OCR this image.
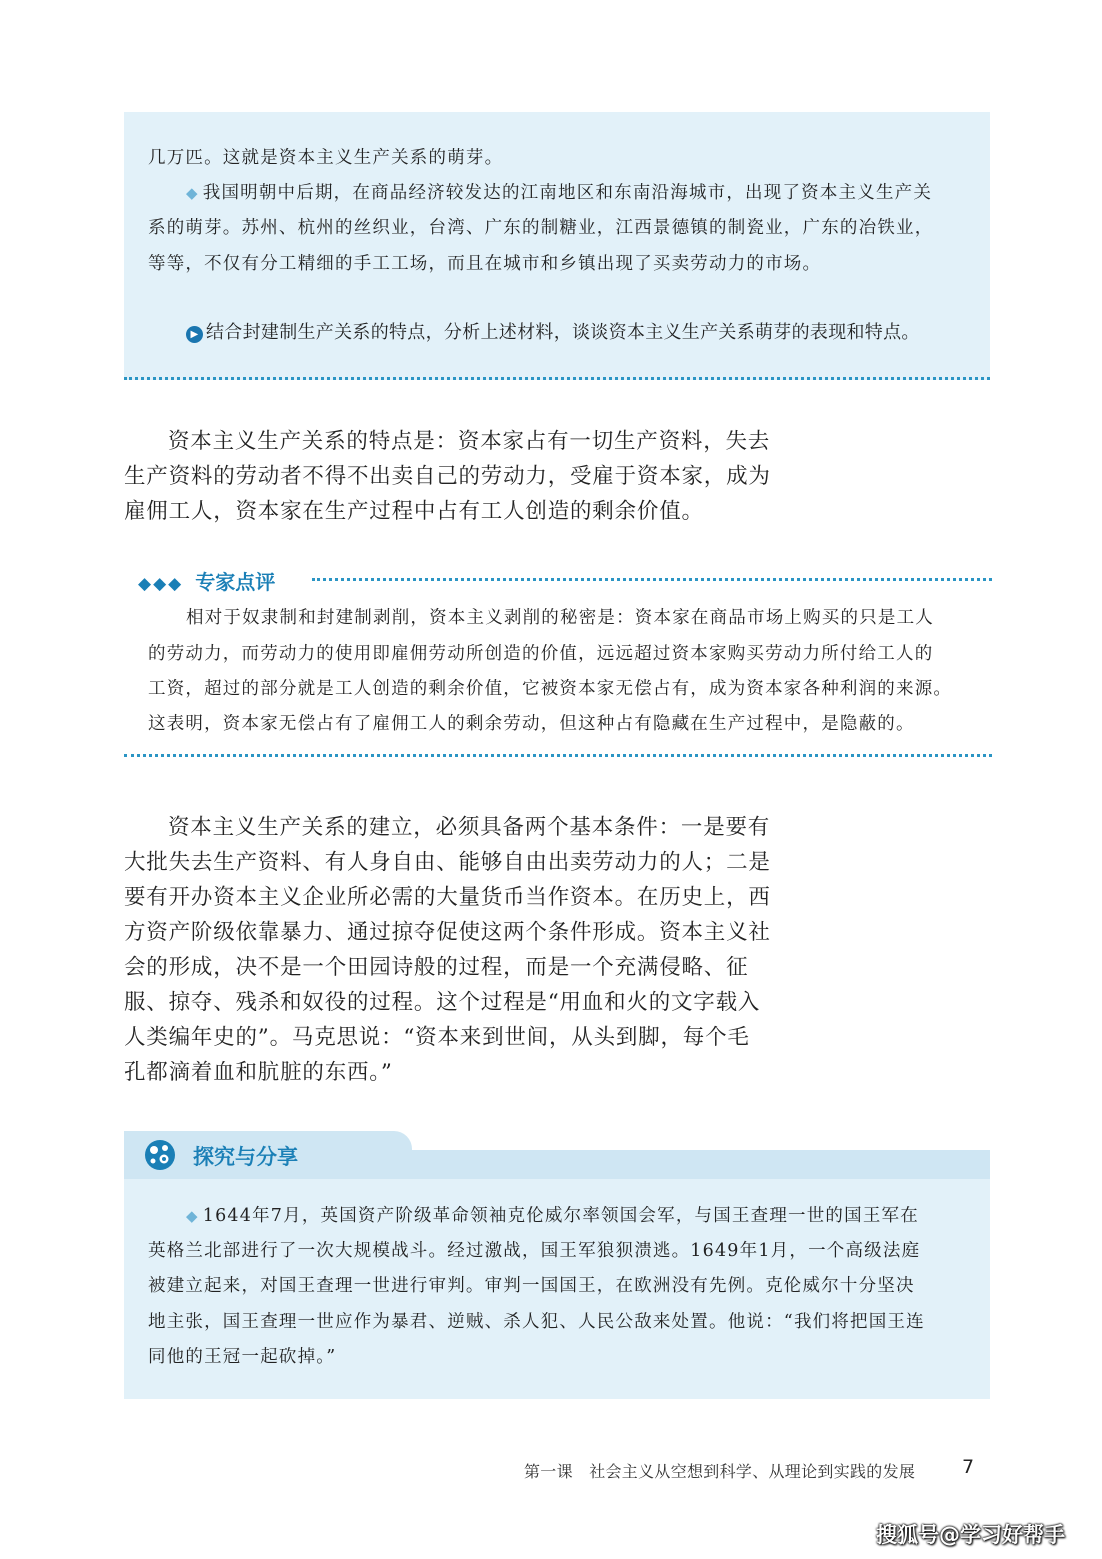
几万匹。这就是资本主义生产关系的萌芽。
◆ 我国明朝中后期，在商品经济较发达的江南地区和东南沿海城市，出现了资本主义生产关
系的萌芽。苏州、杭州的丝织业，台湾、广东的制糖业，江西景德镇的制瓷业，广东的冶铁业，
等等，不仅有分工精细的手工工场，而且在城市和乡镇出现了买卖劳动力的市场。
▶ 结合封建制生产关系的特点，分析上述材料，谈谈资本主义生产关系萌芽的表现和特点。
资本主义生产关系的特点是：资本家占有一切生产资料，失去
生产资料的劳动者不得不出卖自己的劳动力，受雇于资本家，成为
雇佣工人，资本家在生产过程中占有工人创造的剩余价值。
◆◆◆ 专家点评
相对于奴隶制和封建制剥削，资本主义剥削的秘密是：资本家在商品市场上购买的只是工人
的劳动力，而劳动力的使用即雇佣劳动所创造的价值，远远超过资本家购买劳动力所付给工人的
工资，超过的部分就是工人创造的剩余价值，它被资本家无偿占有，成为资本家各种利润的来源。
这表明，资本家无偿占有了雇佣工人的剩余劳动，但这种占有隐藏在生产过程中，是隐蔽的。
资本主义生产关系的建立，必须具备两个基本条件：一是要有
大批失去生产资料、有人身自由、能够自由出卖劳动力的人；二是
要有开办资本主义企业所必需的大量货币当作资本。在历史上，西
方资产阶级依靠暴力、通过掠夺促使这两个条件形成。资本主义社
会的形成，决不是一个田园诗般的过程，而是一个充满侵略、征
服、掠夺、残杀和奴役的过程。这个过程是“用血和火的文字载入
人类编年史的”。马克思说：“资本来到世间，从头到脚，每个毛
孔都滴着血和肮脏的东西。”
探究与分享
◆ 1644年7月，英国资产阶级革命领袖克伦威尔率领国会军，与国王查理一世的国王军在
英格兰北部进行了一次大规模战斗。经过激战，国王军狼狈溃逃。1649年1月，一个高级法庭
被建立起来，对国王查理一世进行审判。审判一国国王，在欧洲没有先例。克伦威尔十分坚决
地主张，国王查理一世应作为暴君、逆贼、杀人犯、人民公敌来处置。他说：“我们将把国王连
同他的王冠一起砍掉。”
第一课　社会主义从空想到科学、从理论到实践的发展 7
搜狐号@学习好帮手
